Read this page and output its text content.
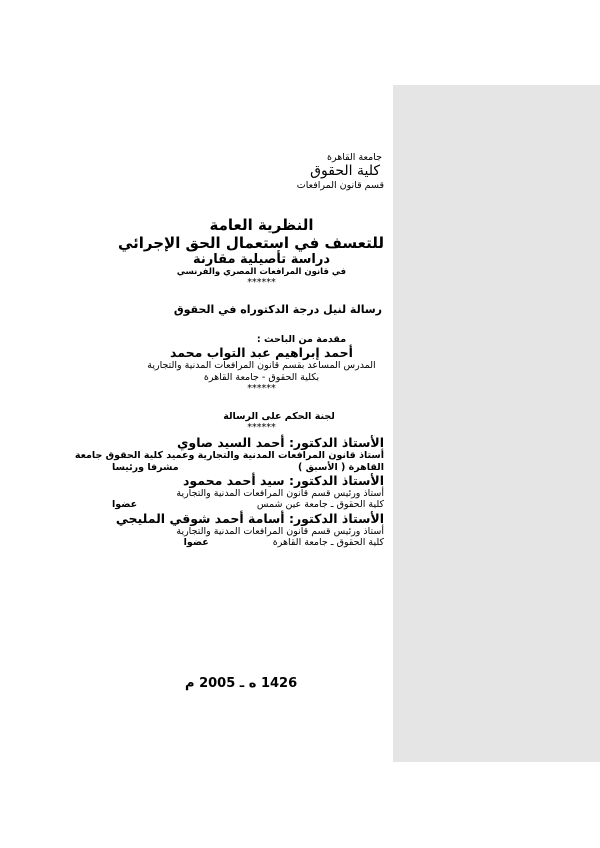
جامعة القاهرة
كلية الحقوق
قسم قانون المرافعات
النظرية العامة
للتعسف في استعمال الحق الإجرائي
دراسة تأصيلية مقارنة
في قانون المرافعات المصري والفرنسي
******
رسالة لنيل درجة الدكتوراه في الحقوق
مقدمة من الباحث :
أحمد إبراهيم عبد التواب محمد
المدرس المساعد بقسم قانون المرافعات المدنية والتجارية
بكلية الحقوق - جامعة القاهرة
******
لجنة الحكم على الرسالة
******
الأستاذ الدكتور: أحمد السيد صاوي
أستاذ قانون المرافعات المدنية والتجارية وعميد كلية الحقوق جامعة
القاهرة ( الأسبق )
مشرفا ورئيسا
الأستاذ الدكتور: سيد أحمد محمود
أستاذ ورئيس قسم قانون المرافعات المدنية والتجارية
كلية الحقوق ـ جامعة عين شمس
عضوا
الأستاذ الدكتور: أسامة أحمد شوقي المليجي
أستاذ ورئيس قسم قانون المرافعات المدنية والتجارية
كلية الحقوق ـ جامعة القاهرة
عضوا
1426 ه ـ 2005 م
